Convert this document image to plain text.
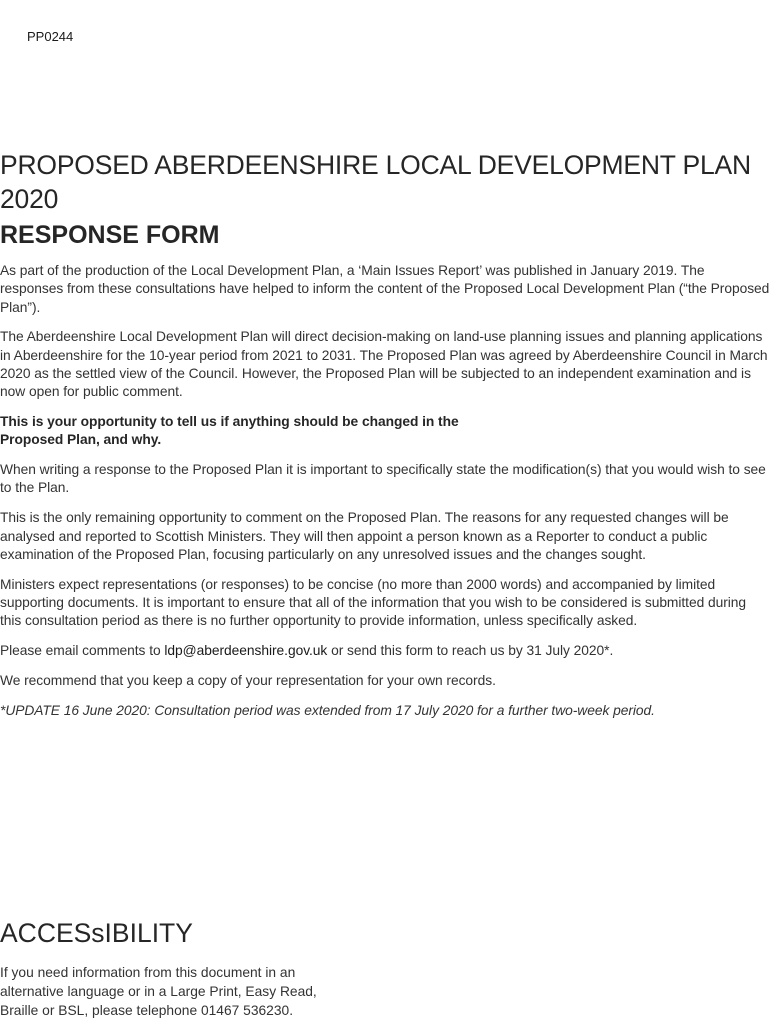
PP0244
PROPOSED ABERDEENSHIRE LOCAL DEVELOPMENT PLAN 2020
RESPONSE FORM

As part of the production of the Local Development Plan, a ‘Main Issues Report’ was published in January 2019. The responses from these consultations have helped to inform the content of the Proposed Local Development Plan (“the Proposed Plan”).

The Aberdeenshire Local Development Plan will direct decision-making on land-use planning issues and planning applications in Aberdeenshire for the 10-year period from 2021 to 2031. The Proposed Plan was agreed by Aberdeenshire Council in March 2020 as the settled view of the Council. However, the Proposed Plan will be subjected to an independent examination and is now open for public comment.

This is your opportunity to tell us if anything should be changed in the
Proposed Plan, and why.

When writing a response to the Proposed Plan it is important to specifically state the modification(s) that you would wish to see to the Plan.

This is the only remaining opportunity to comment on the Proposed Plan. The reasons for any requested changes will be analysed and reported to Scottish Ministers. They will then appoint a person known as a Reporter to conduct a public examination of the Proposed Plan, focusing particularly on any unresolved issues and the changes sought.

Ministers expect representations (or responses) to be concise (no more than 2000 words) and accompanied by limited supporting documents. It is important to ensure that all of the information that you wish to be considered is submitted during this consultation period as there is no further opportunity to provide information, unless specifically asked.

Please email comments to ldp@aberdeenshire.gov.uk or send this form to reach us by 31 July 2020*.

We recommend that you keep a copy of your representation for your own records.

*UPDATE 16 June 2020: Consultation period was extended from 17 July 2020 for a further two-week period.

ACCESsIBILITY

If you need information from this document in an
alternative language or in a Large Print, Easy Read,
Braille or BSL, please telephone 01467 536230.
